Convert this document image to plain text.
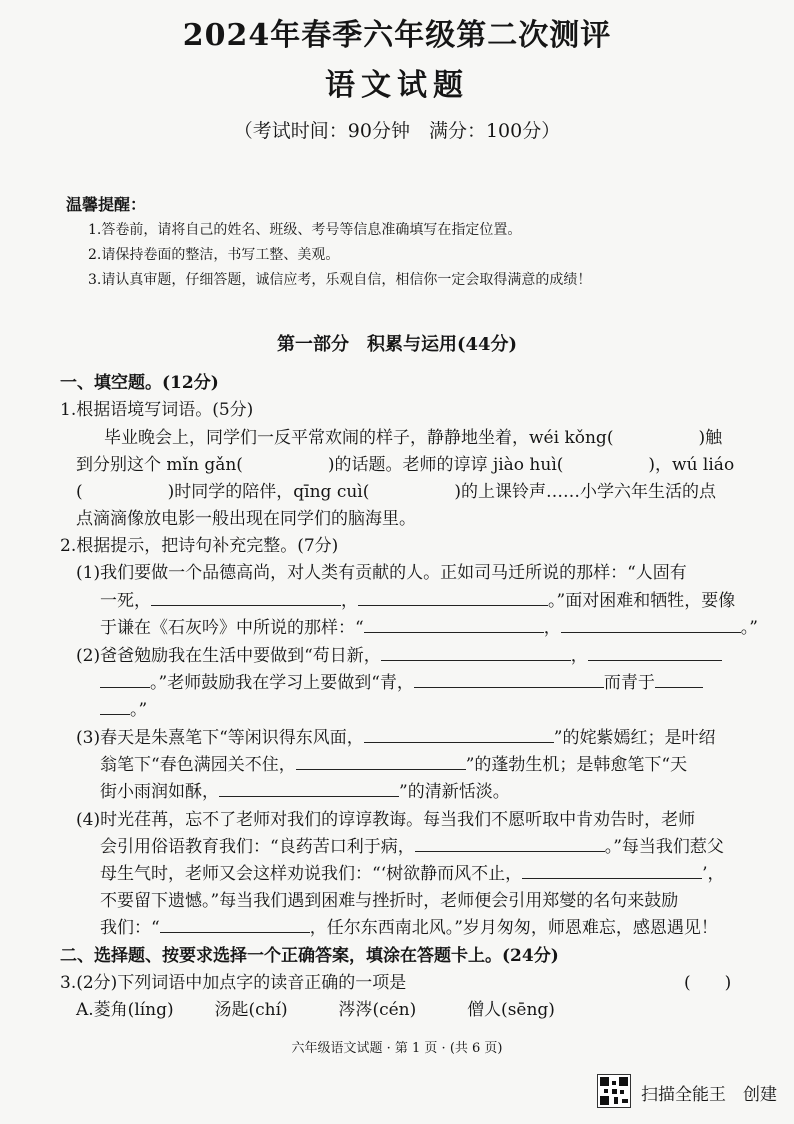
2024年春季六年级第二次测评
语文试题
（考试时间：90分钟　满分：100分）
温馨提醒：
1.答卷前，请将自己的姓名、班级、考号等信息准确填写在指定位置。
2.请保持卷面的整洁，书写工整、美观。
3.请认真审题，仔细答题，诚信应考，乐观自信，相信你一定会取得满意的成绩！
第一部分　积累与运用(44分)
一、填空题。(12分)
1.根据语境写词语。(5分)
毕业晚会上，同学们一反平常欢闹的样子，静静地坐着，wéi kǒng(　　　　　)触
到分别这个 mǐn gǎn(　　　　　)的话题。老师的谆谆 jiào huì(　　　　　)，wú liáo
(　　　　　)时同学的陪伴，qīng cuì(　　　　　)的上课铃声……小学六年生活的点
点滴滴像放电影一般出现在同学们的脑海里。
2.根据提示，把诗句补充完整。(7分)
(1)我们要做一个品德高尚，对人类有贡献的人。正如司马迁所说的那样：“人固有
一死，	，	。”面对困难和牺牲，要像
于谦在《石灰吟》中所说的那样：“	，	。”
(2)爸爸勉励我在生活中要做到“苟日新，	，
。”老师鼓励我在学习上要做到“青，	而青于
。”
(3)春天是朱熹笔下“等闲识得东风面，	”的姹紫嫣红；是叶绍
翁笔下“春色满园关不住，	”的蓬勃生机；是韩愈笔下“天
街小雨润如酥，	”的清新恬淡。
(4)时光荏苒，忘不了老师对我们的谆谆教诲。每当我们不愿听取中肯劝告时，老师
会引用俗语教育我们：“良药苦口利于病，	。”每当我们惹父
母生气时，老师又会这样劝说我们：“‘树欲静而风不止，	’，
不要留下遗憾。”每当我们遇到困难与挫折时，老师便会引用郑燮的名句来鼓励
我们：“	，任尔东西南北风。”岁月匆匆，师恩难忘，感恩遇见！
二、选择题、按要求选择一个正确答案，填涂在答题卡上。(24分)
3.(2分)下列词语中加点字的读音正确的一项是	(　　)
A.菱角(líng) 汤匙(chí)	涔涔(cén)	僧人(sēng)
六年级语文试题 · 第 1 页 · (共 6 页)
扫描全能王　创建
